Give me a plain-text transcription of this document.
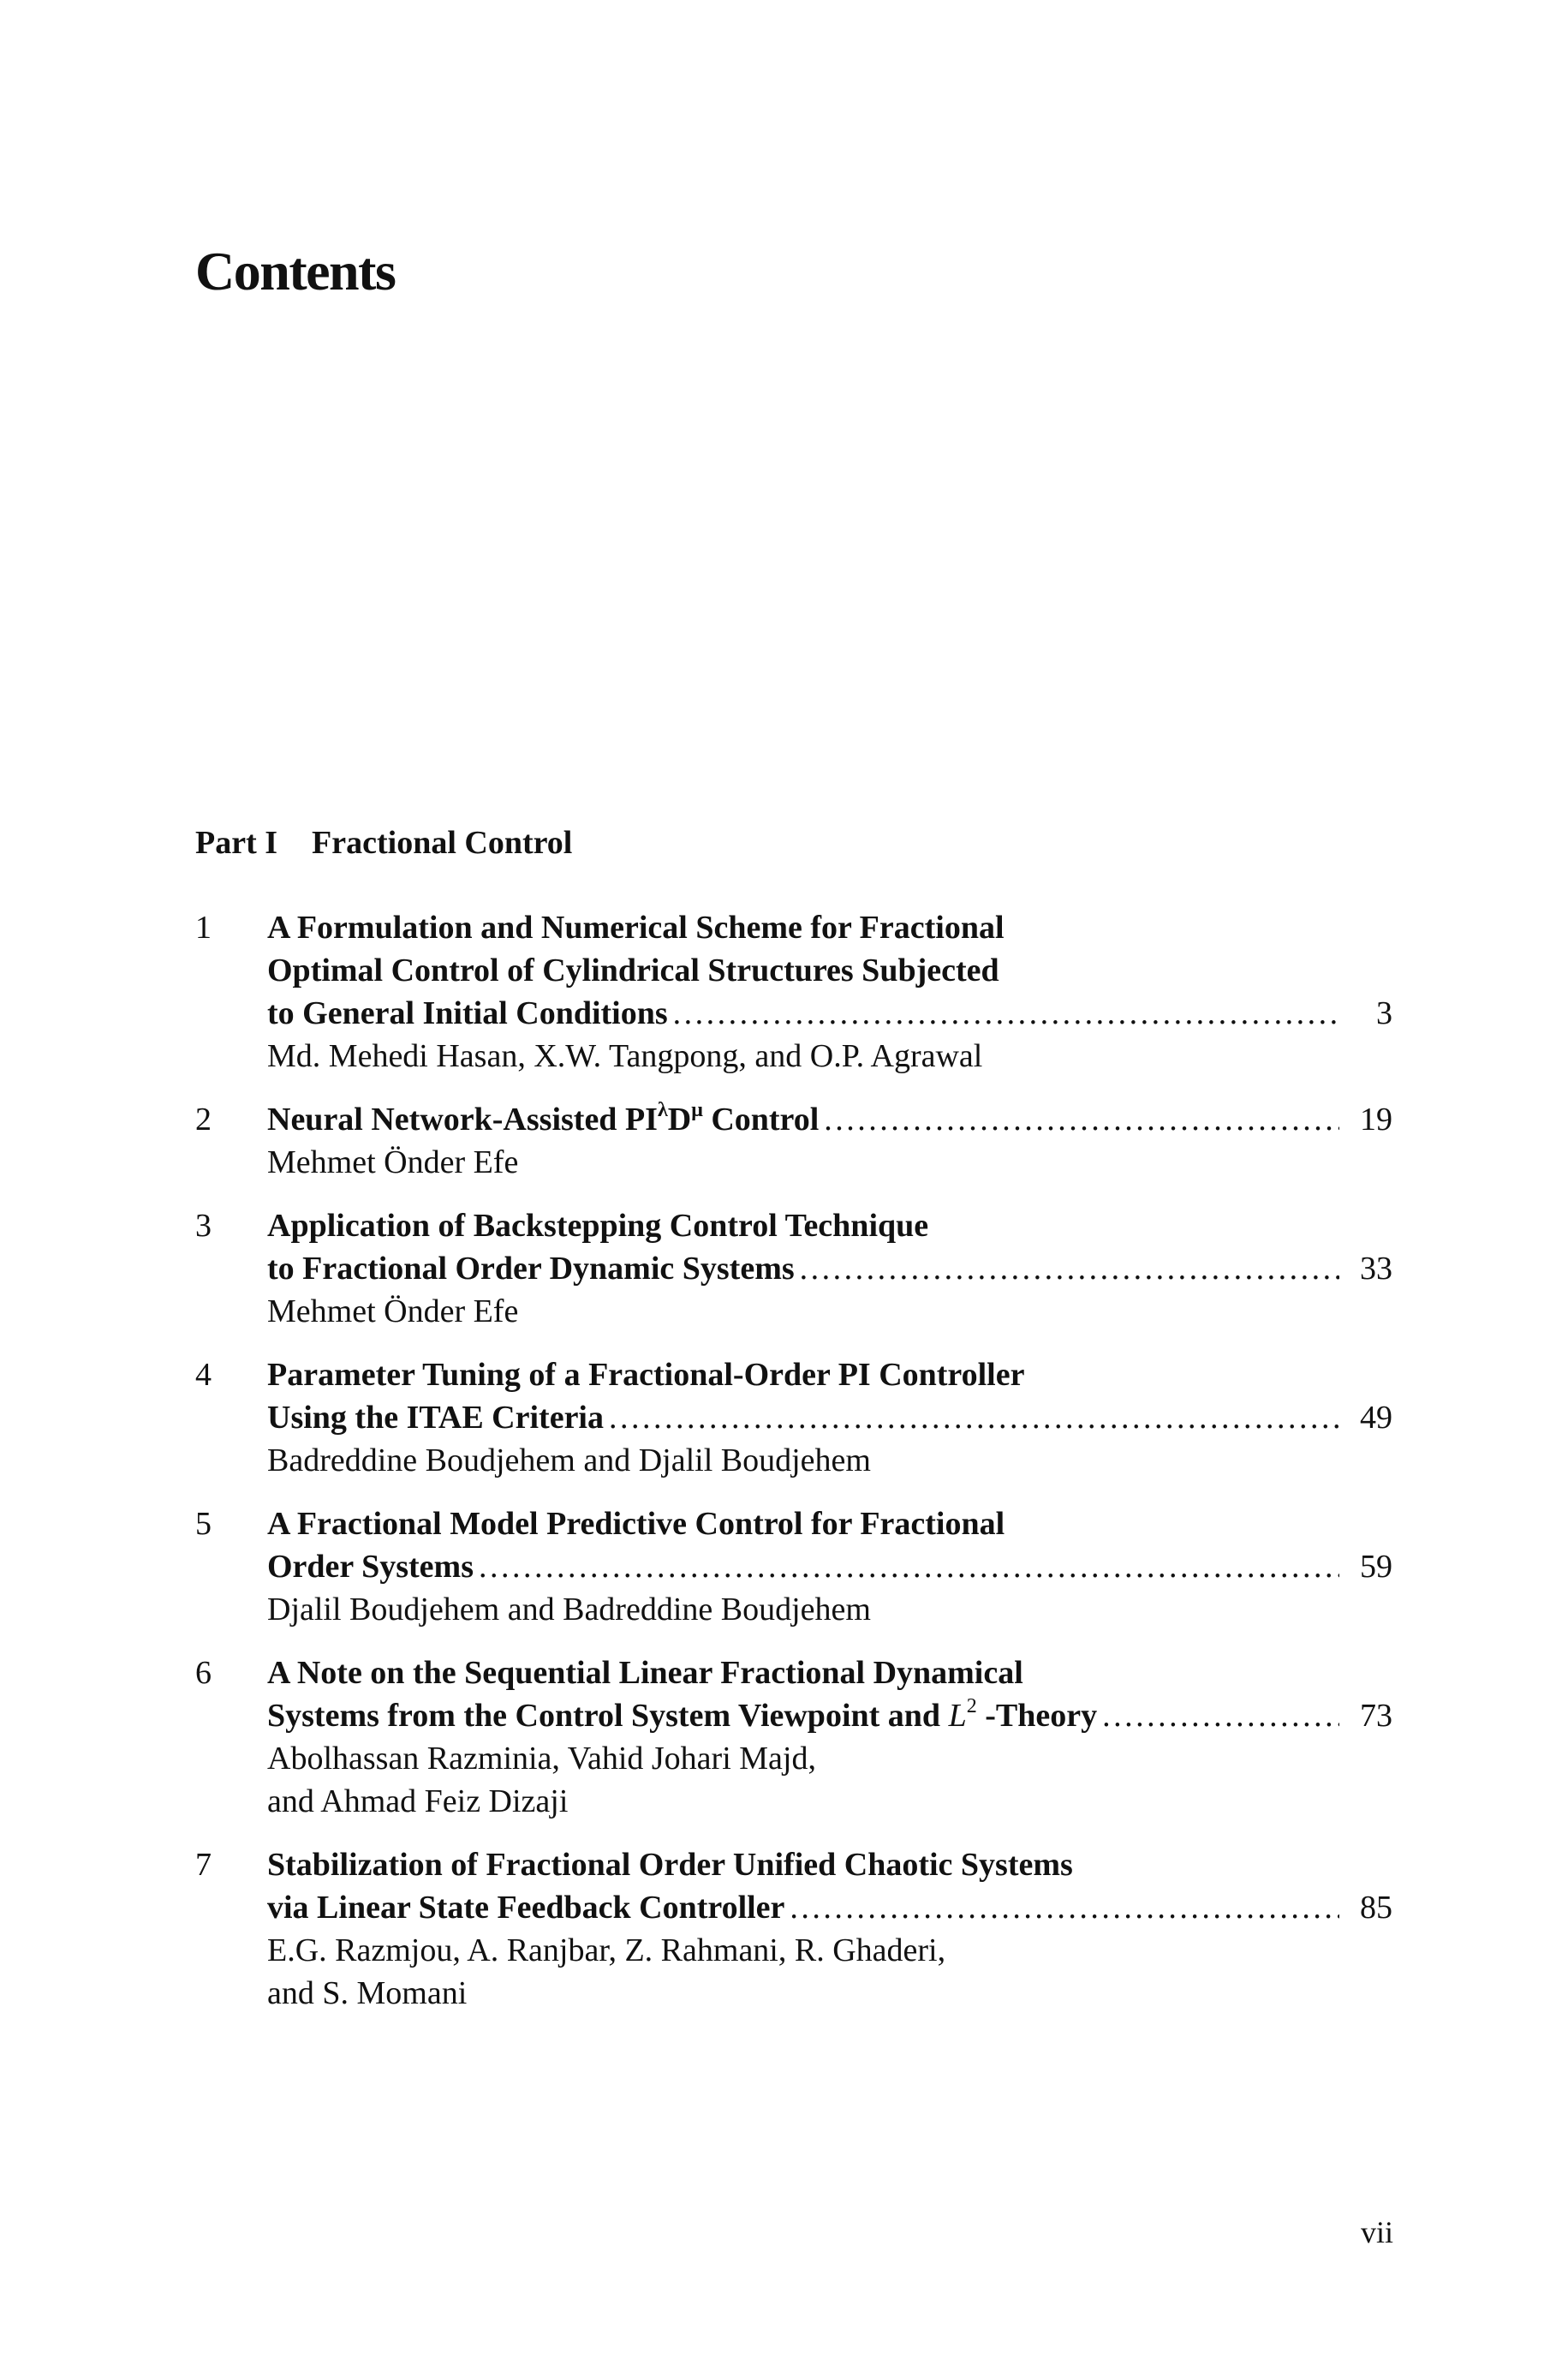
Contents
Part I Fractional Control
1	A Formulation and Numerical Scheme for Fractional
Optimal Control of Cylindrical Structures Subjected
to General Initial Conditions . . .	3
Md. Mehedi Hasan, X.W. Tangpong, and O.P. Agrawal
2	Neural Network-Assisted $PI^\lambda D^\mu$ Control . . .	19
Mehmet Önder Efe
3	Application of Backstepping Control Technique
to Fractional Order Dynamic Systems . . .	33
Mehmet Önder Efe
4	Parameter Tuning of a Fractional-Order PI Controller
Using the ITAE Criteria . . .	49
Badreddine Boudjehem and Djalil Boudjehem
5	A Fractional Model Predictive Control for Fractional
Order Systems . . .	59
Djalil Boudjehem and Badreddine Boudjehem
6	A Note on the Sequential Linear Fractional Dynamical
Systems from the Control System Viewpoint and $L^2$ -Theory . . .	73
Abolhassan Razminia, Vahid Johari Majd,
and Ahmad Feiz Dizaji
7	Stabilization of Fractional Order Unified Chaotic Systems
via Linear State Feedback Controller . . .	85
E.G. Razmjou, A. Ranjbar, Z. Rahmani, R. Ghaderi,
and S. Momani
vii
